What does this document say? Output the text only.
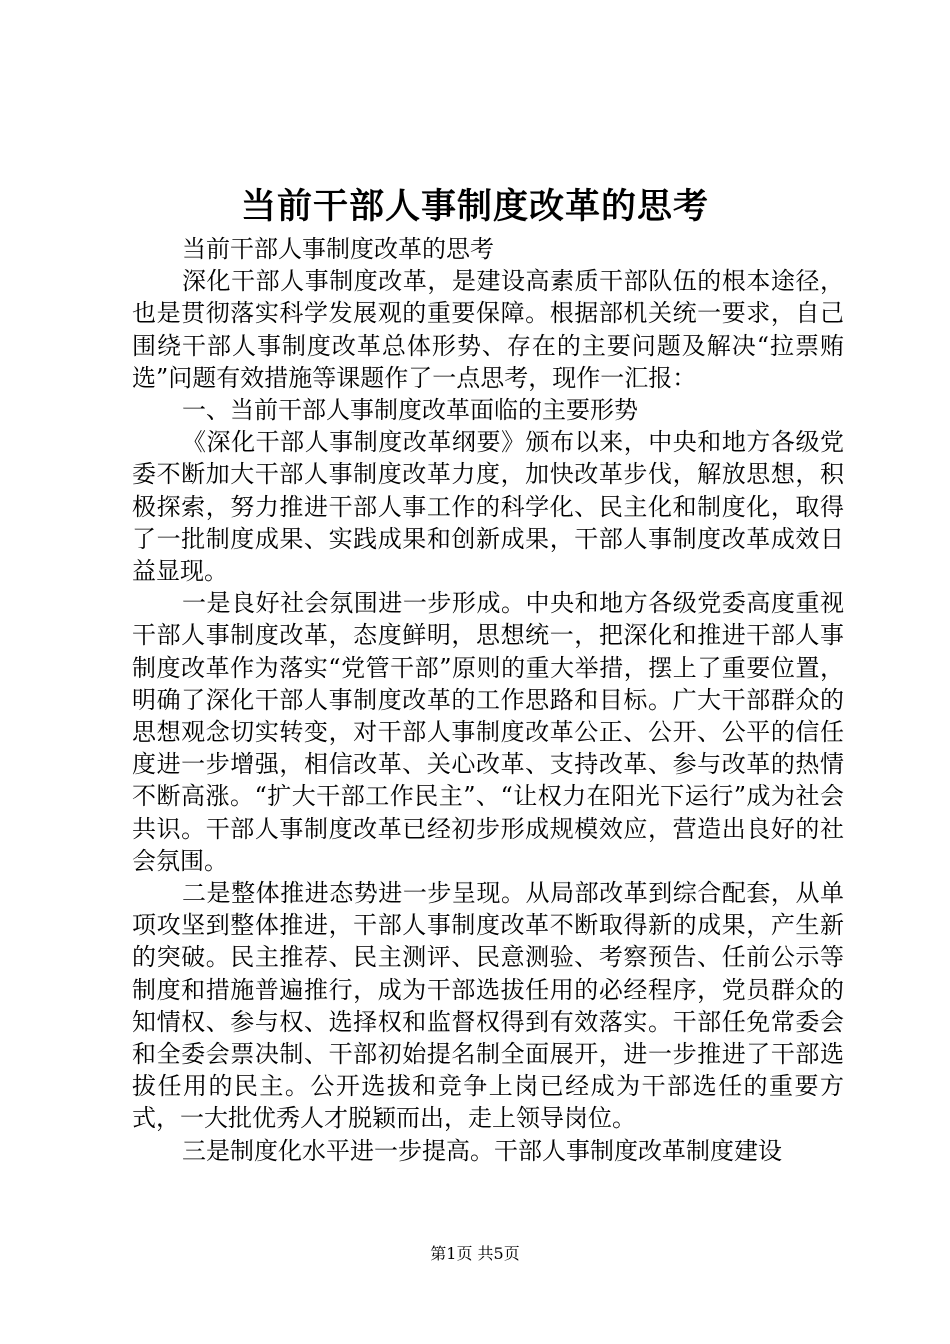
当前干部人事制度改革的思考

当前干部人事制度改革的思考

深化干部人事制度改革，是建设高素质干部队伍的根本途径，也是贯彻落实科学发展观的重要保障。根据部机关统一要求，自己围绕干部人事制度改革总体形势、存在的主要问题及解决“拉票贿选”问题有效措施等课题作了一点思考，现作一汇报：

一、当前干部人事制度改革面临的主要形势

《深化干部人事制度改革纲要》颁布以来，中央和地方各级党委不断加大干部人事制度改革力度，加快改革步伐，解放思想，积极探索，努力推进干部人事工作的科学化、民主化和制度化，取得了一批制度成果、实践成果和创新成果，干部人事制度改革成效日益显现。

一是良好社会氛围进一步形成。中央和地方各级党委高度重视干部人事制度改革，态度鲜明，思想统一，把深化和推进干部人事制度改革作为落实“党管干部”原则的重大举措，摆上了重要位置，明确了深化干部人事制度改革的工作思路和目标。广大干部群众的思想观念切实转变，对干部人事制度改革公正、公开、公平的信任度进一步增强，相信改革、关心改革、支持改革、参与改革的热情不断高涨。“扩大干部工作民主”、“让权力在阳光下运行”成为社会共识。干部人事制度改革已经初步形成规模效应，营造出良好的社会氛围。

二是整体推进态势进一步呈现。从局部改革到综合配套，从单项攻坚到整体推进，干部人事制度改革不断取得新的成果，产生新的突破。民主推荐、民主测评、民意测验、考察预告、任前公示等制度和措施普遍推行，成为干部选拔任用的必经程序，党员群众的知情权、参与权、选择权和监督权得到有效落实。干部任免常委会和全委会票决制、干部初始提名制全面展开，进一步推进了干部选拔任用的民主。公开选拔和竞争上岗已经成为干部选任的重要方式，一大批优秀人才脱颖而出，走上领导岗位。

三是制度化水平进一步提高。干部人事制度改革制度建设

第1页 共5页
